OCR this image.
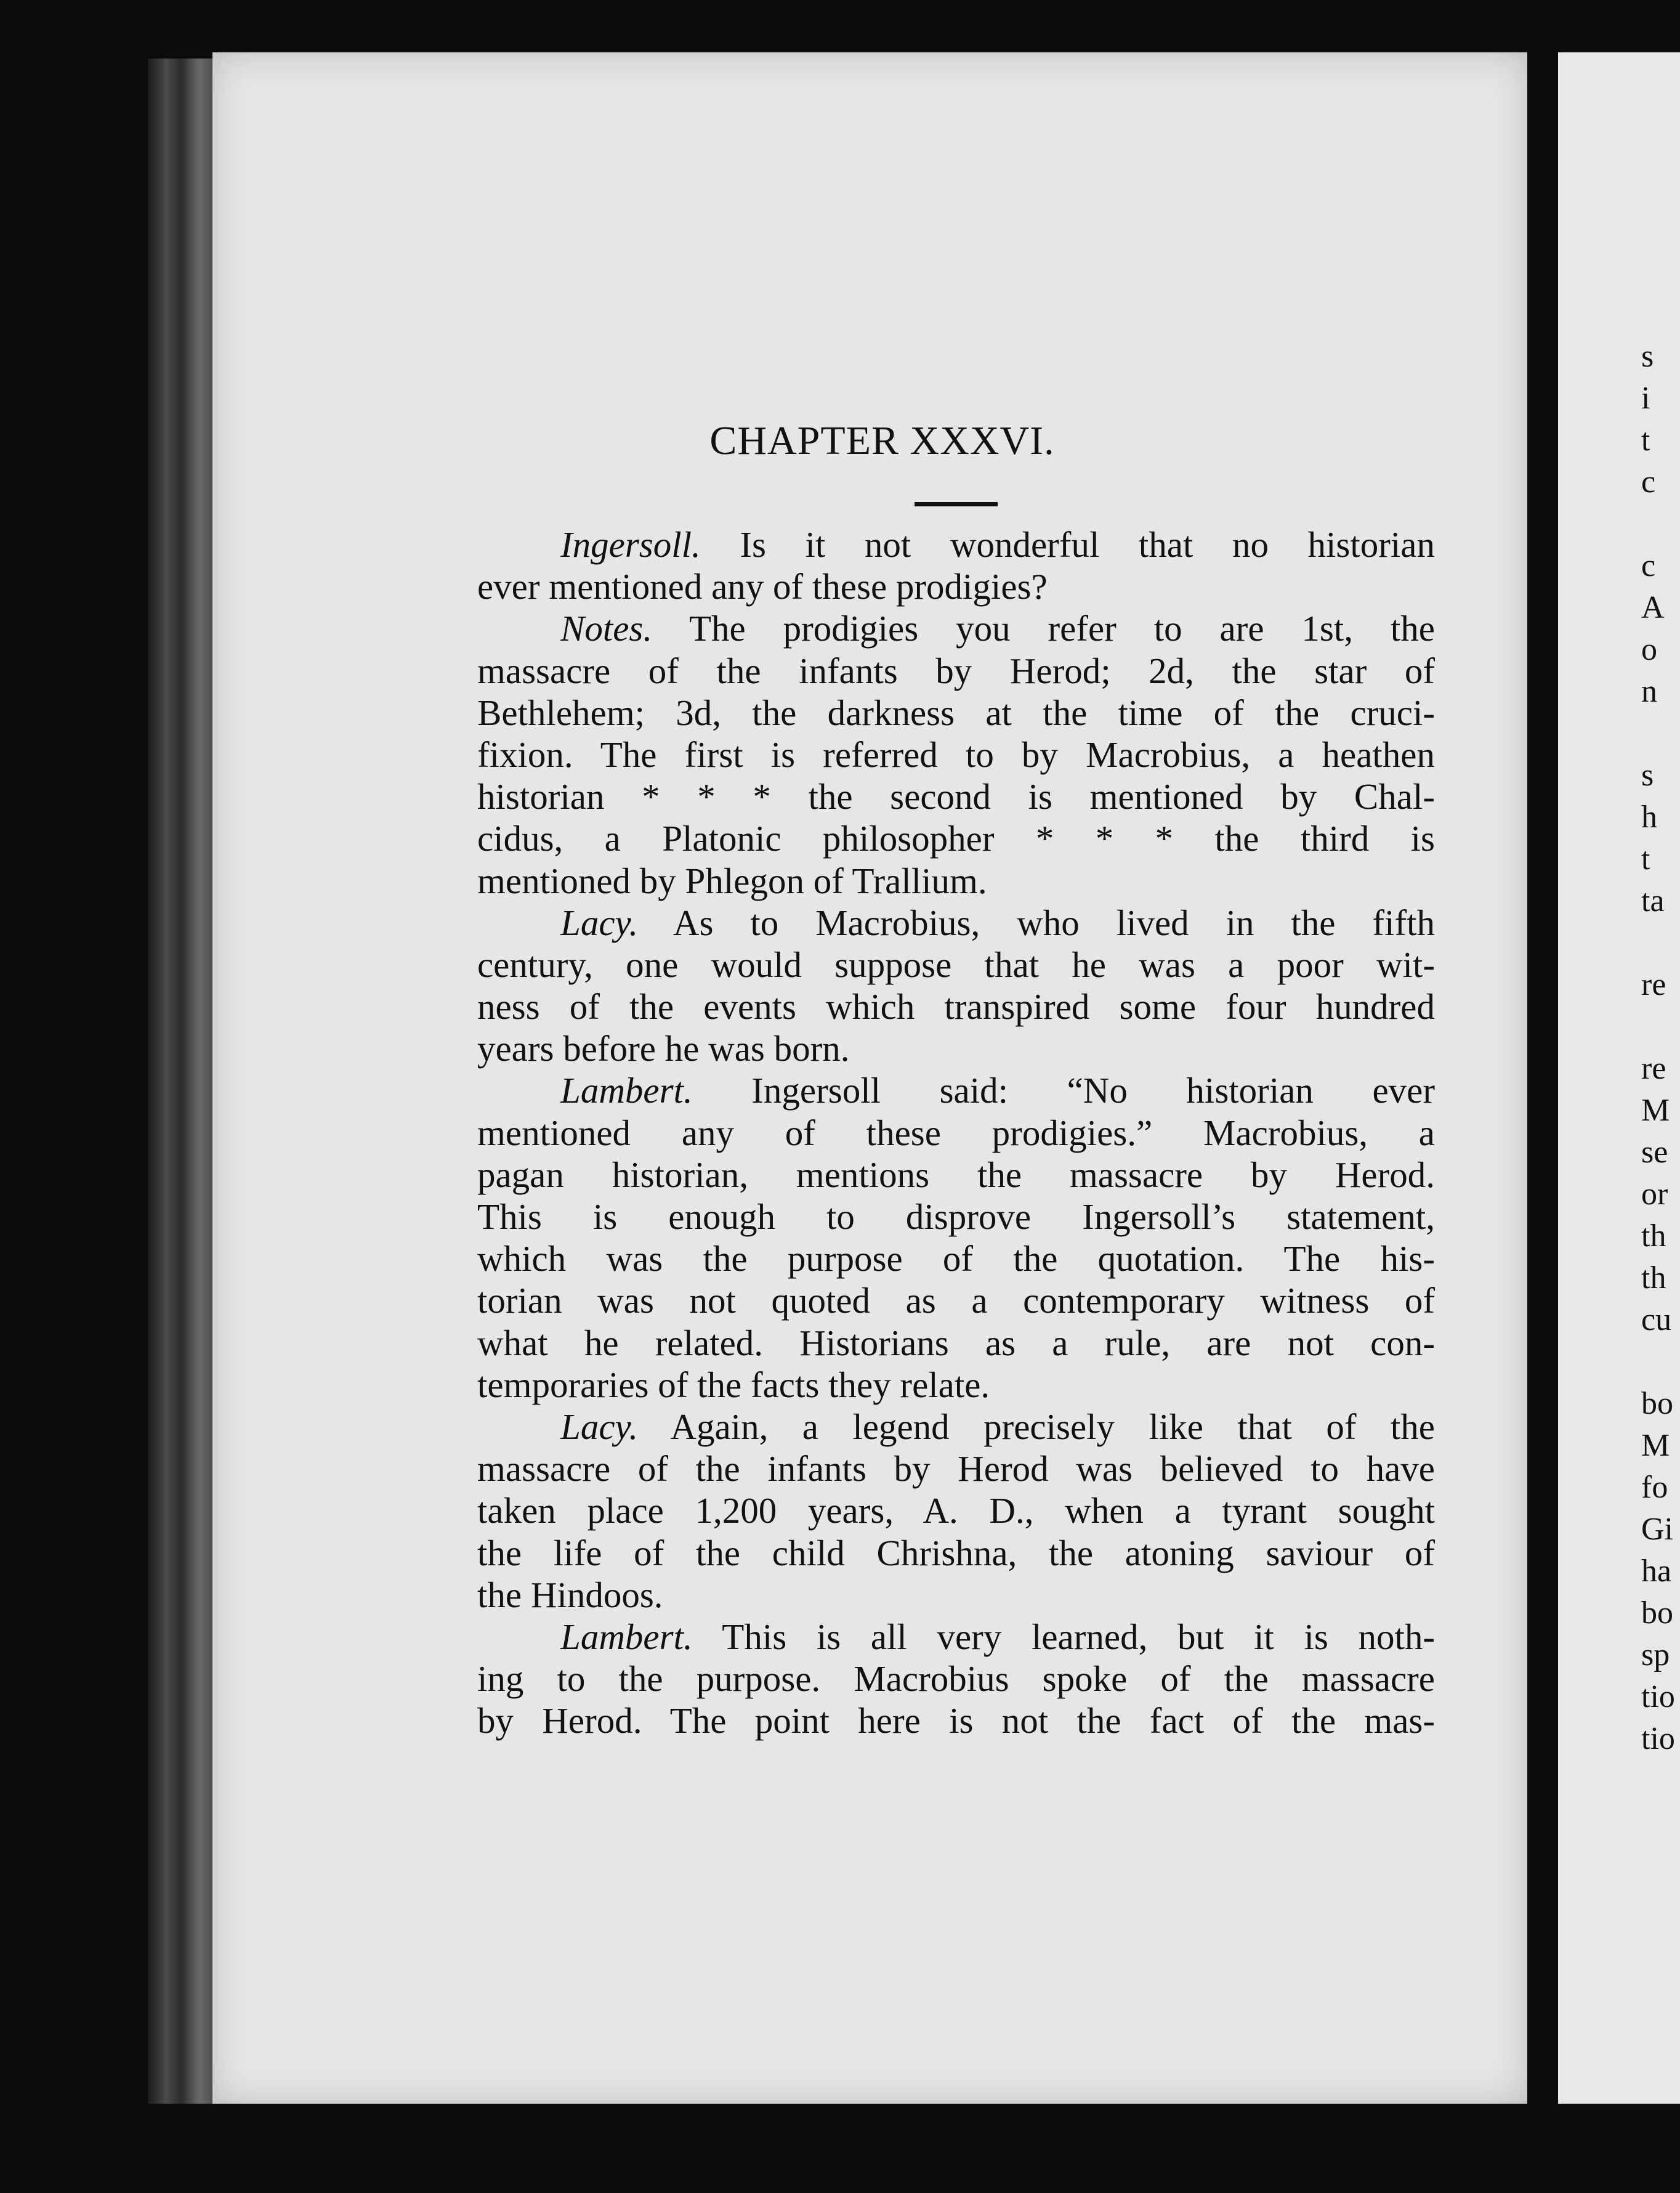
CHAPTER XXXVI.
Ingersoll. Is it not wonderful that no historian
ever mentioned any of these prodigies?
Notes. The prodigies you refer to are 1st, the
massacre of the infants by Herod; 2d, the star of
Bethlehem; 3d, the darkness at the time of the cruci-
fixion. The first is referred to by Macrobius, a heathen
historian * * * the second is mentioned by Chal-
cidus, a Platonic philosopher * * * the third is
mentioned by Phlegon of Trallium.
Lacy. As to Macrobius, who lived in the fifth
century, one would suppose that he was a poor wit-
ness of the events which transpired some four hundred
years before he was born.
Lambert. Ingersoll said: “No historian ever
mentioned any of these prodigies.” Macrobius, a
pagan historian, mentions the massacre by Herod.
This is enough to disprove Ingersoll’s statement,
which was the purpose of the quotation. The his-
torian was not quoted as a contemporary witness of
what he related. Historians as a rule, are not con-
temporaries of the facts they relate.
Lacy. Again, a legend precisely like that of the
massacre of the infants by Herod was believed to have
taken place 1,200 years, A. D., when a tyrant sought
the life of the child Chrishna, the atoning saviour of
the Hindoos.
Lambert. This is all very learned, but it is noth-
ing to the purpose. Macrobius spoke of the massacre
by Herod. The point here is not the fact of the mas-
s
i
t
c

c
A
o
n

s
h
t
ta

re

re
M
se
or
th
th
cu

bo
M
fo
Gi
ha
bo
sp
tio
tio
